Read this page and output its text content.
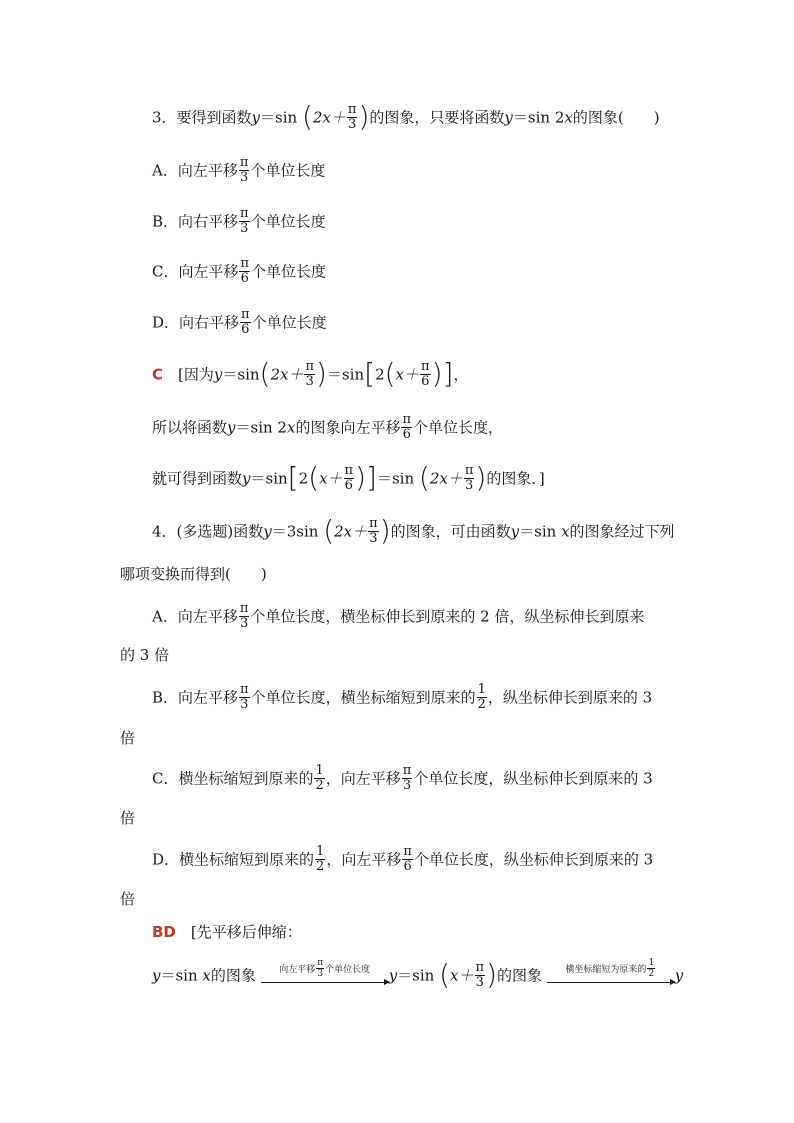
3．要得到函数y＝sin ($2x+ \frac{\pi}{3}$ )的图象，只要将函数y＝sin 2x的图象(　　)
A．向左平移 $\frac{\pi}{3}$ 个单位长度
B．向右平移 $\frac{\pi}{3}$ 个单位长度
C．向左平移 $\frac{\pi}{6}$ 个单位长度
D．向右平移 $\frac{\pi}{6}$ 个单位长度
C　 [因为$y=\sin(2x+ \frac{\pi}{3} )=\sin[2(x+ \frac{\pi}{6}$ )]，
所以将函数y＝sin 2x的图象向左平移 $\frac{\pi}{6}$ 个单位长度，
就可得到函数$y=\sin[2(x+ \frac{\pi}{6} )]=\sin$ ($2x+ \frac{\pi}{3}$ )的图象．]
4．(多选题)函数y＝3sin ($2x+ \frac{\pi}{3}$ )的图象，可由函数y＝sin x的图象经过下列
哪项变换而得到(　　)
A．向左平移 $\frac{\pi}{3}$ 个单位长度，横坐标伸长到原来的 2 倍，纵坐标伸长到原来
的 3 倍
B．向左平移 $\frac{\pi}{3}$ 个单位长度，横坐标缩短到原来的 $\frac{1}{2}$ ，纵坐标伸长到原来的 3
倍
C．横坐标缩短到原来的 $\frac{1}{2}$ ，向左平移 $\frac{\pi}{3}$ 个单位长度，纵坐标伸长到原来的 3
倍
D．横坐标缩短到原来的 $\frac{1}{2}$ ，向左平移 $\frac{\pi}{6}$ 个单位长度，纵坐标伸长到原来的 3
倍
BD　 [先平移后伸缩：
y＝sin x的图象	向左平移 $\frac{\pi}{3}$ 个单位长度	y＝sin ($x+ \frac{\pi}{3}$ )的图象	横坐标缩短为原来的 $\frac{1}{2}$ y
